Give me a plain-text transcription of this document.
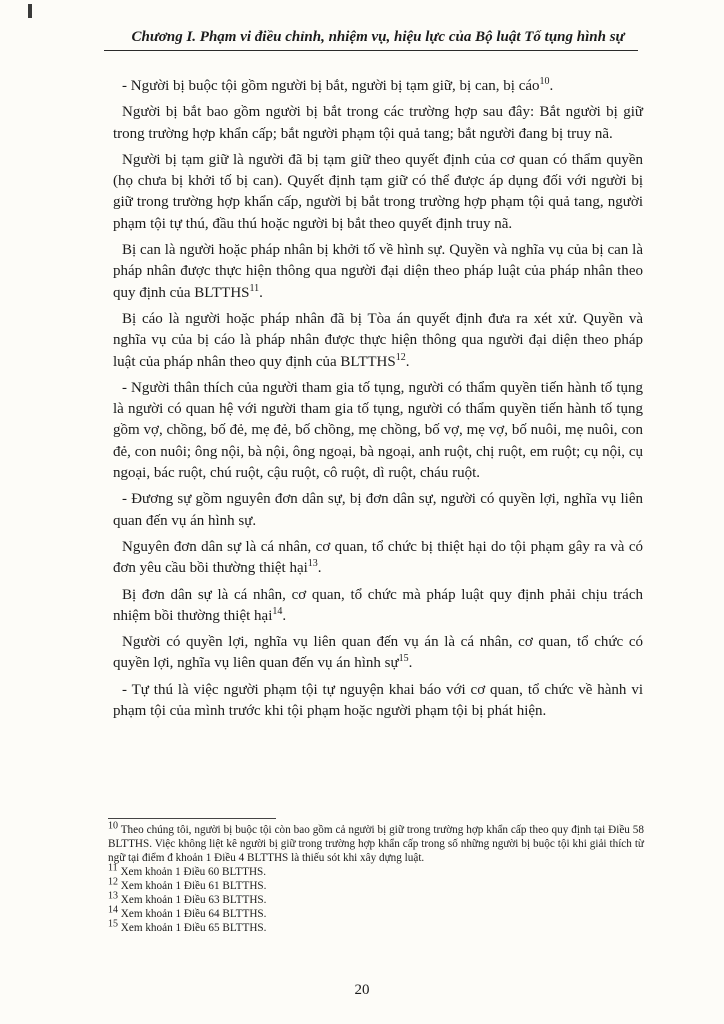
Chương I. Phạm vi điều chỉnh, nhiệm vụ, hiệu lực của Bộ luật Tố tụng hình sự

- Người bị buộc tội gồm người bị bắt, người bị tạm giữ, bị can, bị cáo$^{10}$.

Người bị bắt bao gồm người bị bắt trong các trường hợp sau đây: Bắt người bị giữ trong trường hợp khẩn cấp; bắt người phạm tội quả tang; bắt người đang bị truy nã.

Người bị tạm giữ là người đã bị tạm giữ theo quyết định của cơ quan có thẩm quyền (họ chưa bị khởi tố bị can). Quyết định tạm giữ có thể được áp dụng đối với người bị giữ trong trường hợp khẩn cấp, người bị bắt trong trường hợp phạm tội quả tang, người phạm tội tự thú, đầu thú hoặc người bị bắt theo quyết định truy nã.

Bị can là người hoặc pháp nhân bị khởi tố về hình sự. Quyền và nghĩa vụ của bị can là pháp nhân được thực hiện thông qua người đại diện theo pháp luật của pháp nhân theo quy định của BLTTHS$^{11}$.

Bị cáo là người hoặc pháp nhân đã bị Tòa án quyết định đưa ra xét xử. Quyền và nghĩa vụ của bị cáo là pháp nhân được thực hiện thông qua người đại diện theo pháp luật của pháp nhân theo quy định của BLTTHS$^{12}$.

- Người thân thích của người tham gia tố tụng, người có thẩm quyền tiến hành tố tụng là người có quan hệ với người tham gia tố tụng, người có thẩm quyền tiến hành tố tụng gồm vợ, chồng, bố đẻ, mẹ đẻ, bố chồng, mẹ chồng, bố vợ, mẹ vợ, bố nuôi, mẹ nuôi, con đẻ, con nuôi; ông nội, bà nội, ông ngoại, bà ngoại, anh ruột, chị ruột, em ruột; cụ nội, cụ ngoại, bác ruột, chú ruột, cậu ruột, cô ruột, dì ruột, cháu ruột.

- Đương sự gồm nguyên đơn dân sự, bị đơn dân sự, người có quyền lợi, nghĩa vụ liên quan đến vụ án hình sự.

Nguyên đơn dân sự là cá nhân, cơ quan, tổ chức bị thiệt hại do tội phạm gây ra và có đơn yêu cầu bồi thường thiệt hại$^{13}$.

Bị đơn dân sự là cá nhân, cơ quan, tổ chức mà pháp luật quy định phải chịu trách nhiệm bồi thường thiệt hại$^{14}$.

Người có quyền lợi, nghĩa vụ liên quan đến vụ án là cá nhân, cơ quan, tổ chức có quyền lợi, nghĩa vụ liên quan đến vụ án hình sự$^{15}$.

- Tự thú là việc người phạm tội tự nguyện khai báo với cơ quan, tổ chức về hành vi phạm tội của mình trước khi tội phạm hoặc người phạm tội bị phát hiện.

$^{10}$ Theo chúng tôi, người bị buộc tội còn bao gồm cả người bị giữ trong trường hợp khẩn cấp theo quy định tại Điều 58 BLTTHS. Việc không liệt kê người bị giữ trong trường hợp khẩn cấp trong số những người bị buộc tội khi giải thích từ ngữ tại điểm đ khoản 1 Điều 4 BLTTHS là thiếu sót khi xây dựng luật.

$^{11}$ Xem khoản 1 Điều 60 BLTTHS.

$^{12}$ Xem khoản 1 Điều 61 BLTTHS.

$^{13}$ Xem khoản 1 Điều 63 BLTTHS.

$^{14}$ Xem khoản 1 Điều 64 BLTTHS.

$^{15}$ Xem khoản 1 Điều 65 BLTTHS.

20
